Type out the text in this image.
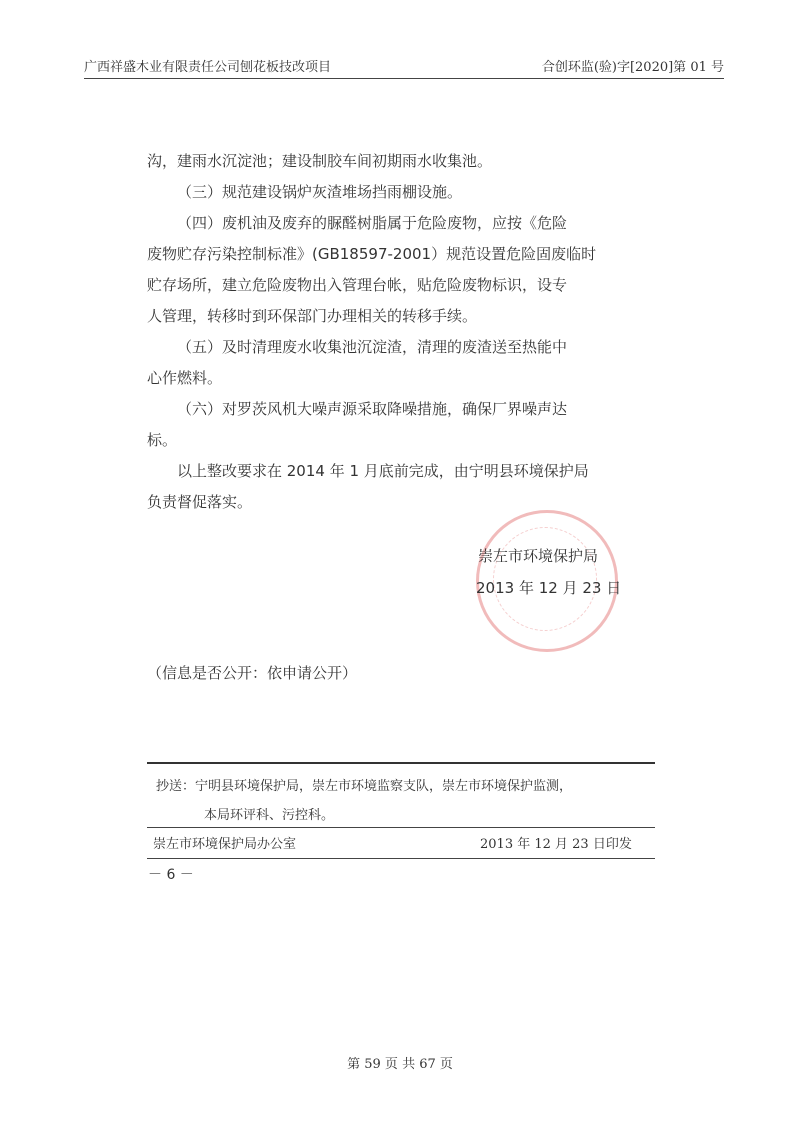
广西祥盛木业有限责任公司刨花板技改项目	合创环监(验)字[2020]第 01 号

沟，建雨水沉淀池；建设制胶车间初期雨水收集池。

（三）规范建设锅炉灰渣堆场挡雨棚设施。

（四）废机油及废弃的脲醛树脂属于危险废物，应按《危险

废物贮存污染控制标准》(GB18597-2001）规范设置危险固废临时

贮存场所，建立危险废物出入管理台帐，贴危险废物标识，设专

人管理，转移时到环保部门办理相关的转移手续。

（五）及时清理废水收集池沉淀渣，清理的废渣送至热能中

心作燃料。

（六）对罗茨风机大噪声源采取降噪措施，确保厂界噪声达

标。

以上整改要求在 2014 年 1 月底前完成，由宁明县环境保护局

负责督促落实。

崇左市环境保护局

2013 年 12 月 23 日

（信息是否公开：依申请公开）

抄送：宁明县环境保护局，崇左市环境监察支队，崇左市环境保护监测，

本局环评科、污控科。

崇左市环境保护局办公室	2013 年 12 月 23 日印发
－ 6 －
第 59 页 共 67 页
